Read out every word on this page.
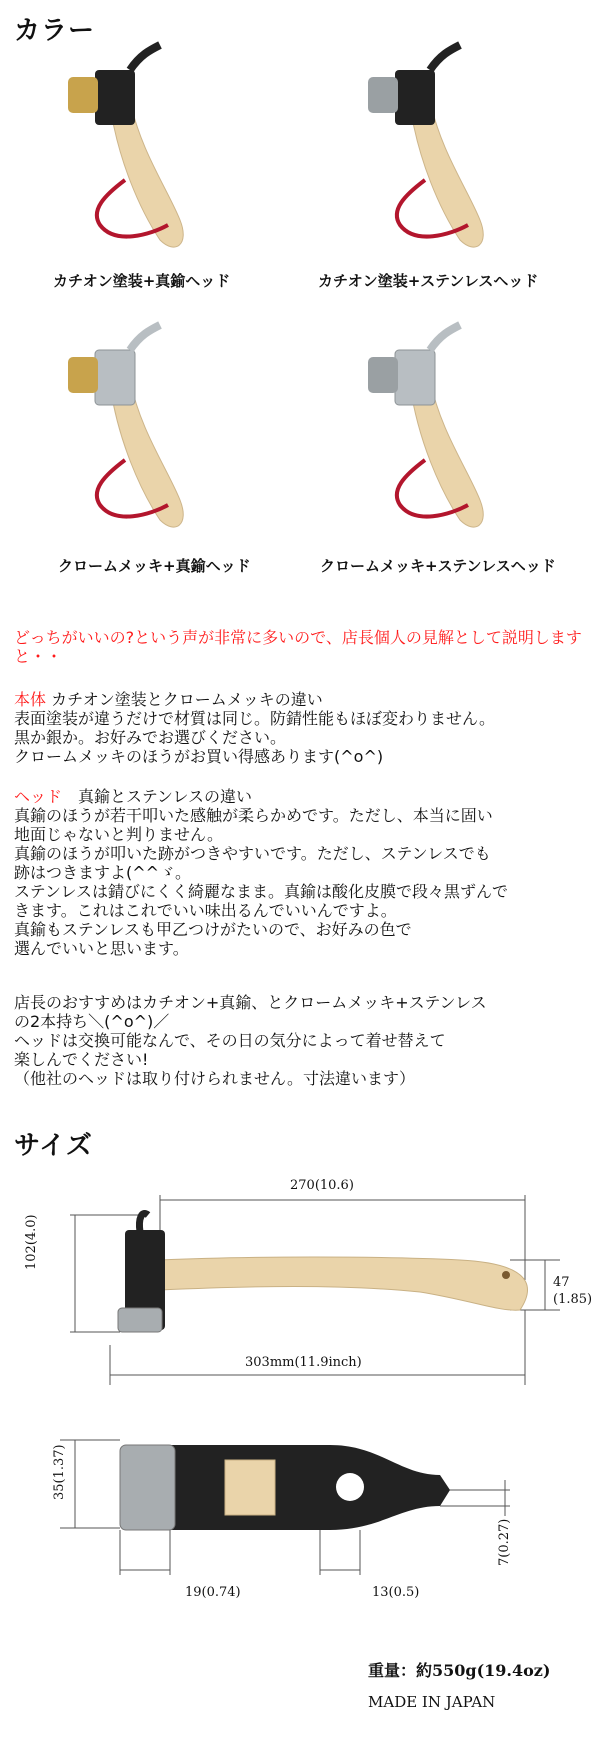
カラー
カチオン塗装+真鍮ヘッド	カチオン塗装+ステンレスヘッド
クロームメッキ+真鍮ヘッド	クロームメッキ+ステンレスヘッド

どっちがいいの?という声が非常に多いので、店長個人の見解として説明しますと・・

本体 カチオン塗装とクロームメッキの違い

表面塗装が違うだけで材質は同じ。防錆性能もほぼ変わりません。

黒か銀か。お好みでお選びください。

クロームメッキのほうがお買い得感あります(^o^)

ヘッド　真鍮とステンレスの違い

真鍮のほうが若干叩いた感触が柔らかめです。ただし、本当に固い

地面じゃないと判りません。

真鍮のほうが叩いた跡がつきやすいです。ただし、ステンレスでも

跡はつきますよ(^^ゞ。

ステンレスは錆びにくく綺麗なまま。真鍮は酸化皮膜で段々黒ずんで

きます。これはこれでいい味出るんでいいんですよ。

真鍮もステンレスも甲乙つけがたいので、お好みの色で

選んでいいと思います。

店長のおすすめはカチオン+真鍮、とクロームメッキ+ステンレス

の2本持ち＼(^o^)／

ヘッドは交換可能なんで、その日の気分によって着せ替えて

楽しんでください!

（他社のヘッドは取り付けられません。寸法違います）

サイズ
270(10.6)
102(4.0)
47
(1.85)
303mm(11.9inch)
35(1.37)
19(0.74)	13(0.5)
7(0.27)
重量：約550g(19.4oz)
MADE IN JAPAN
